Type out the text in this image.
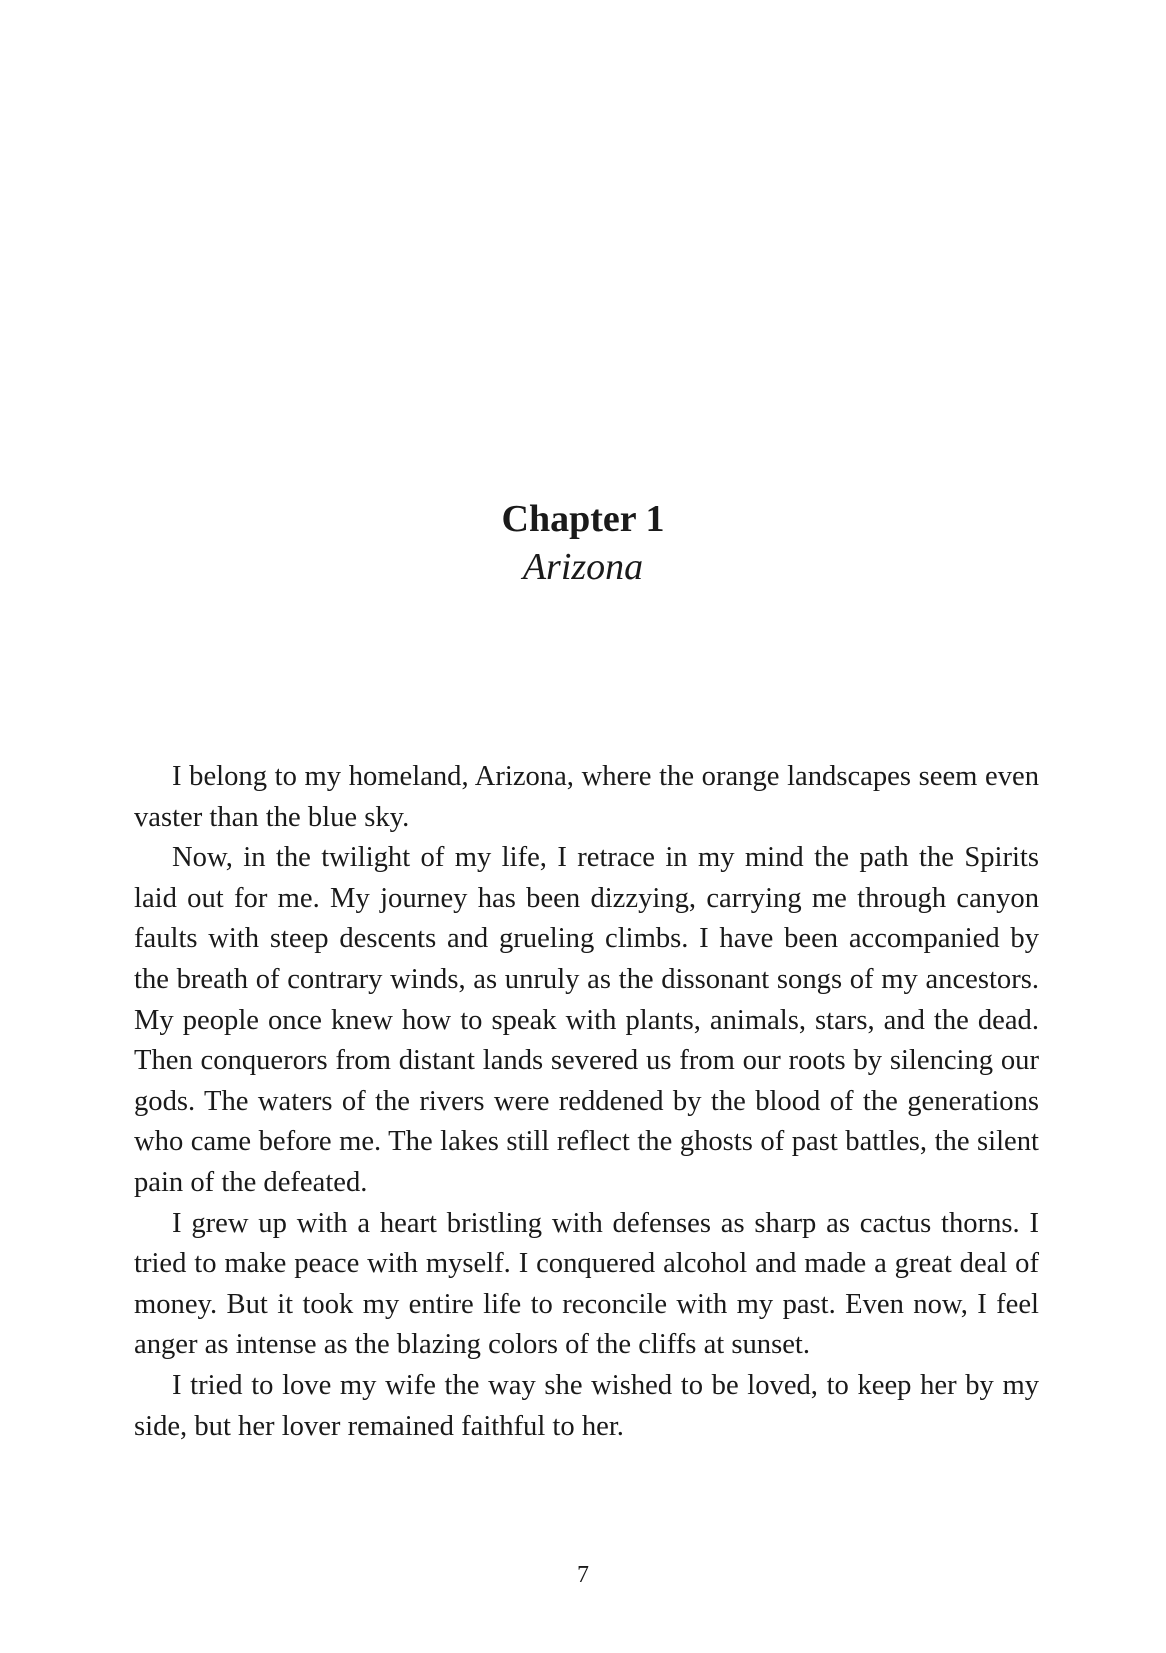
Chapter 1
Arizona

I belong to my homeland, Arizona, where the orange landscapes seem even vaster than the blue sky.

Now, in the twilight of my life, I retrace in my mind the path the Spirits laid out for me. My journey has been dizzying, carrying me through canyon faults with steep descents and grueling climbs. I have been accompanied by the breath of contrary winds, as unruly as the dissonant songs of my ancestors. My people once knew how to speak with plants, animals, stars, and the dead. Then conquerors from distant lands severed us from our roots by silencing our gods. The waters of the rivers were reddened by the blood of the generations who came before me. The lakes still reflect the ghosts of past battles, the silent pain of the defeated.

I grew up with a heart bristling with defenses as sharp as cactus thorns. I tried to make peace with myself. I conquered alcohol and made a great deal of money. But it took my entire life to reconcile with my past. Even now, I feel anger as intense as the blazing colors of the cliffs at sunset.

I tried to love my wife the way she wished to be loved, to keep her by my side, but her lover remained faithful to her.

7
